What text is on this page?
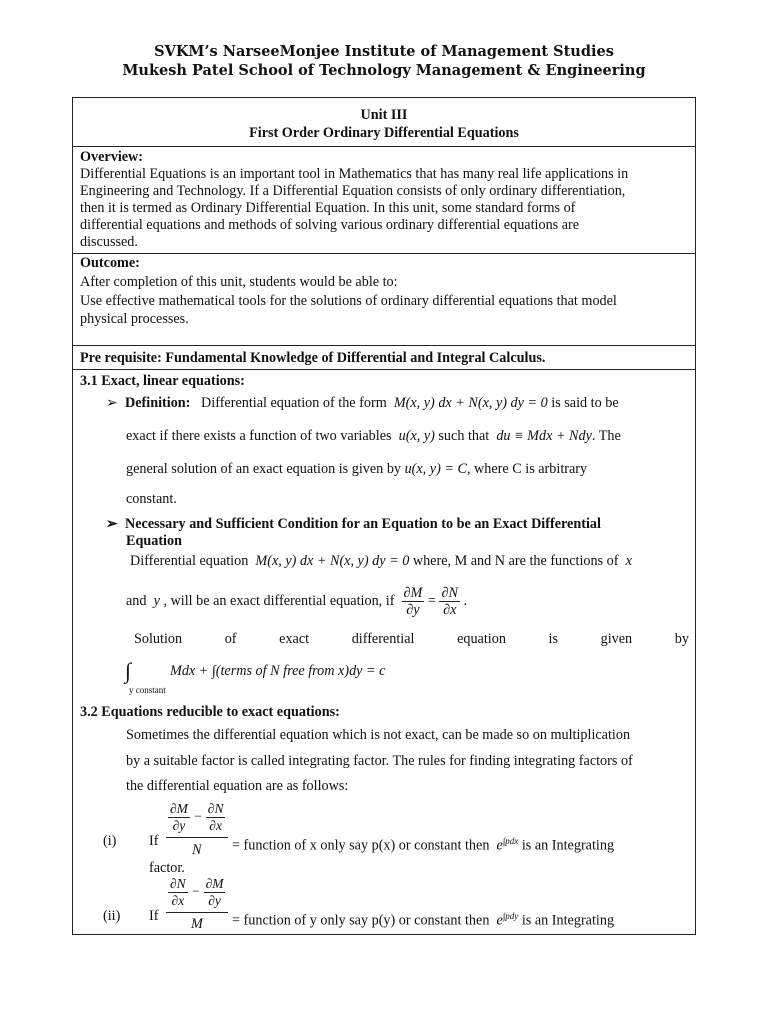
SVKM’s NarseeMonjee Institute of Management Studies
Mukesh Patel School of Technology Management & Engineering
Unit III
First Order Ordinary Differential Equations
Overview:
Differential Equations is an important tool in Mathematics that has many real life applications in
Engineering and Technology. If a Differential Equation consists of only ordinary differentiation,
then it is termed as Ordinary Differential Equation. In this unit, some standard forms of
differential equations and methods of solving various ordinary differential equations are
discussed.
Outcome:
After completion of this unit, students would be able to:
Use effective mathematical tools for the solutions of ordinary differential equations that model
physical processes.
Pre requisite: Fundamental Knowledge of Differential and Integral Calculus.
3.1 Exact, linear equations:
➢ Definition: Differential equation of the form M(x, y) dx + N(x, y) dy = 0 is said to be
exact if there exists a function of two variables u(x, y) such that du ≡ Mdx + Ndy. The
general solution of an exact equation is given by u(x, y) = C, where C is arbitrary
constant.
➢ Necessary and Sufficient Condition for an Equation to be an Exact Differential
Equation
Differential equation M(x, y) dx + N(x, y) dy = 0 where, M and N are the functions of x
and y , will be an exact differential equation, if $\frac{\partial M}{\partial y} = \frac{\partial N}{\partial x}$ .
Solution	of	exact	differential	equation	is	given	by
∫	Mdx + ∫(terms of N free from x)dy = c
y constant
3.2 Equations reducible to exact equations:
Sometimes the differential equation which is not exact, can be made so on multiplication
by a suitable factor is called integrating factor. The rules for finding integrating factors of
the differential equation are as follows:
(i) If
$\frac{\partial M}{\partial y} - \frac{\partial N}{\partial x}$
N = function of x only say p(x) or constant then $e^{\int pdx}$ is an Integrating
factor.
(ii) If
$\frac{\partial N}{\partial x} - \frac{\partial M}{\partial y}$
M = function of y only say p(y) or constant then $e^{\int pdy}$ is an Integrating
